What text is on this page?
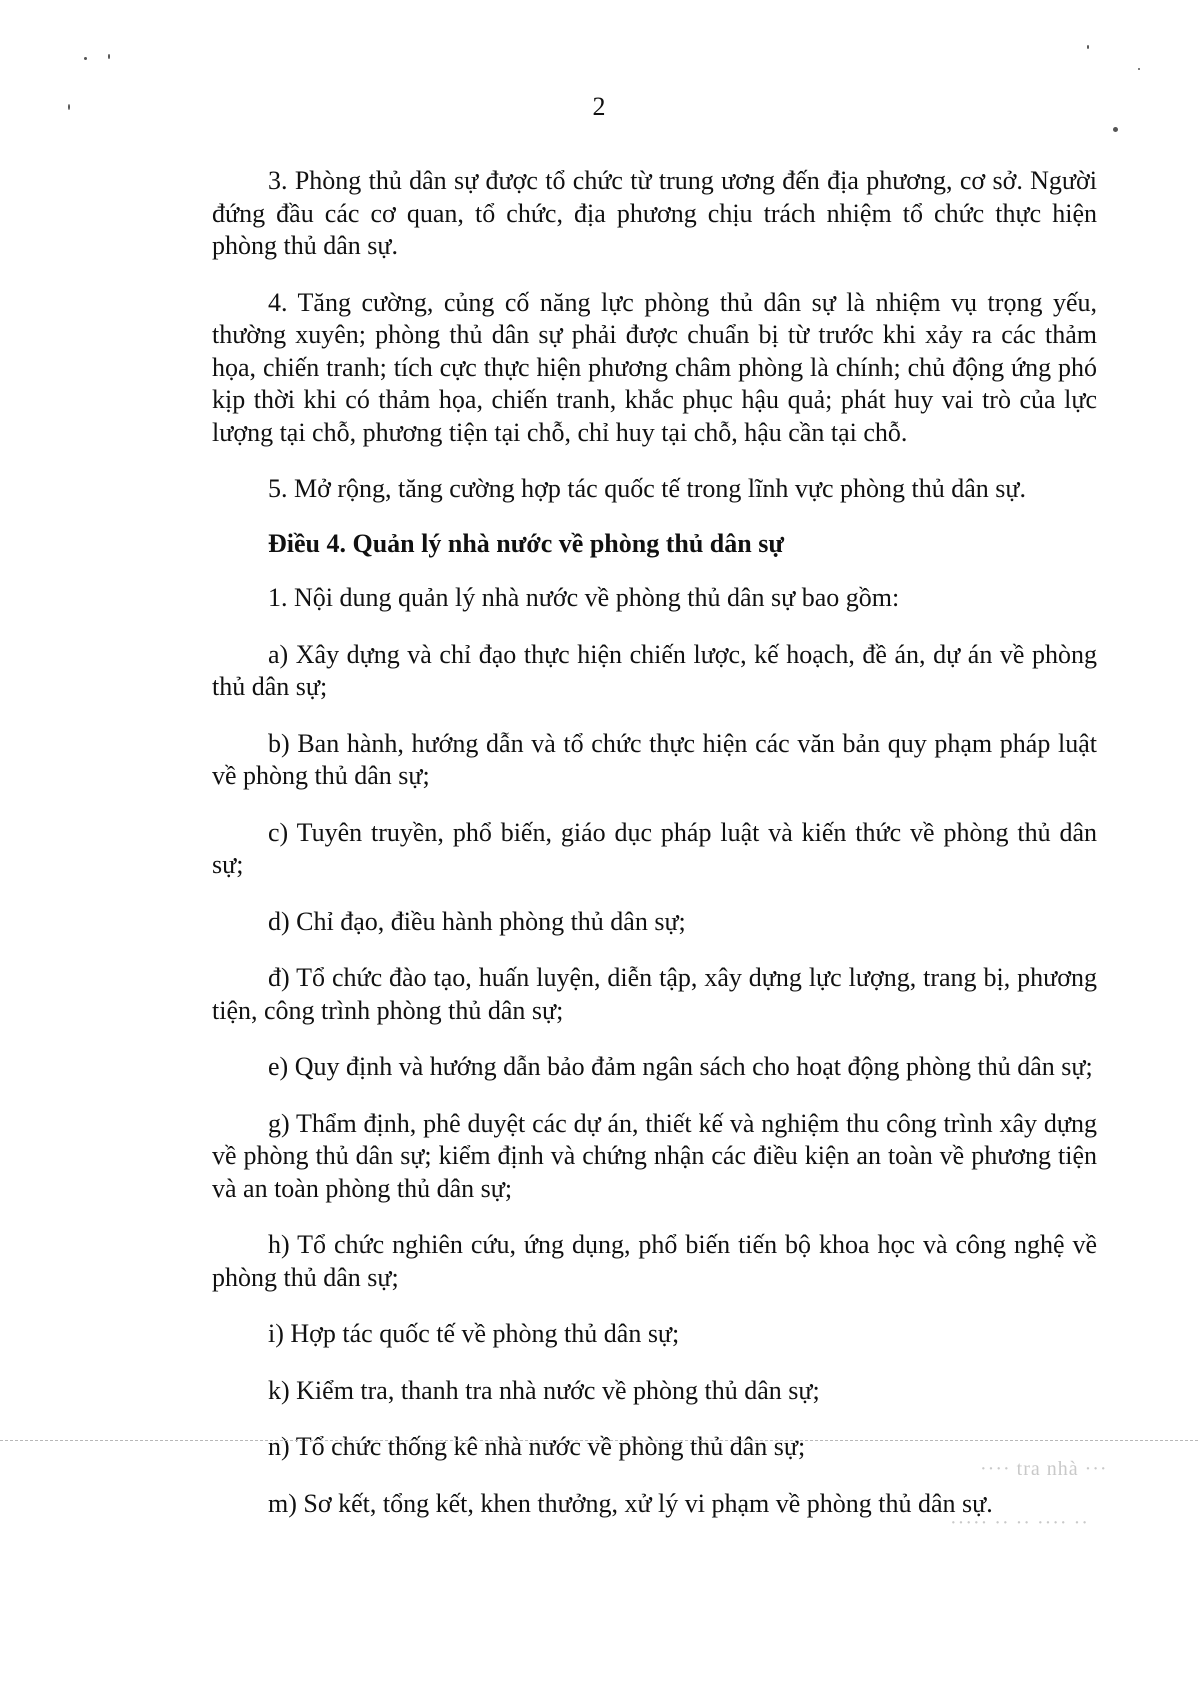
2

3. Phòng thủ dân sự được tổ chức từ trung ương đến địa phương, cơ sở. Người đứng đầu các cơ quan, tổ chức, địa phương chịu trách nhiệm tổ chức thực hiện phòng thủ dân sự.

4. Tăng cường, củng cố năng lực phòng thủ dân sự là nhiệm vụ trọng yếu, thường xuyên; phòng thủ dân sự phải được chuẩn bị từ trước khi xảy ra các thảm họa, chiến tranh; tích cực thực hiện phương châm phòng là chính; chủ động ứng phó kịp thời khi có thảm họa, chiến tranh, khắc phục hậu quả; phát huy vai trò của lực lượng tại chỗ, phương tiện tại chỗ, chỉ huy tại chỗ, hậu cần tại chỗ.

5. Mở rộng, tăng cường hợp tác quốc tế trong lĩnh vực phòng thủ dân sự.

Điều 4. Quản lý nhà nước về phòng thủ dân sự

1. Nội dung quản lý nhà nước về phòng thủ dân sự bao gồm:

a) Xây dựng và chỉ đạo thực hiện chiến lược, kế hoạch, đề án, dự án về phòng thủ dân sự;

b) Ban hành, hướng dẫn và tổ chức thực hiện các văn bản quy phạm pháp luật về phòng thủ dân sự;

c) Tuyên truyền, phổ biến, giáo dục pháp luật và kiến thức về phòng thủ dân sự;

d) Chỉ đạo, điều hành phòng thủ dân sự;

đ) Tổ chức đào tạo, huấn luyện, diễn tập, xây dựng lực lượng, trang bị, phương tiện, công trình phòng thủ dân sự;

e) Quy định và hướng dẫn bảo đảm ngân sách cho hoạt động phòng thủ dân sự;

g) Thẩm định, phê duyệt các dự án, thiết kế và nghiệm thu công trình xây dựng về phòng thủ dân sự; kiểm định và chứng nhận các điều kiện an toàn về phương tiện và an toàn phòng thủ dân sự;

h) Tổ chức nghiên cứu, ứng dụng, phổ biến tiến bộ khoa học và công nghệ về phòng thủ dân sự;

i) Hợp tác quốc tế về phòng thủ dân sự;

k) Kiểm tra, thanh tra nhà nước về phòng thủ dân sự;

n) Tổ chức thống kê nhà nước về phòng thủ dân sự;

m) Sơ kết, tổng kết, khen thưởng, xử lý vi phạm về phòng thủ dân sự.

···· tra nhà ···
····· ·· ·· ···· ··
